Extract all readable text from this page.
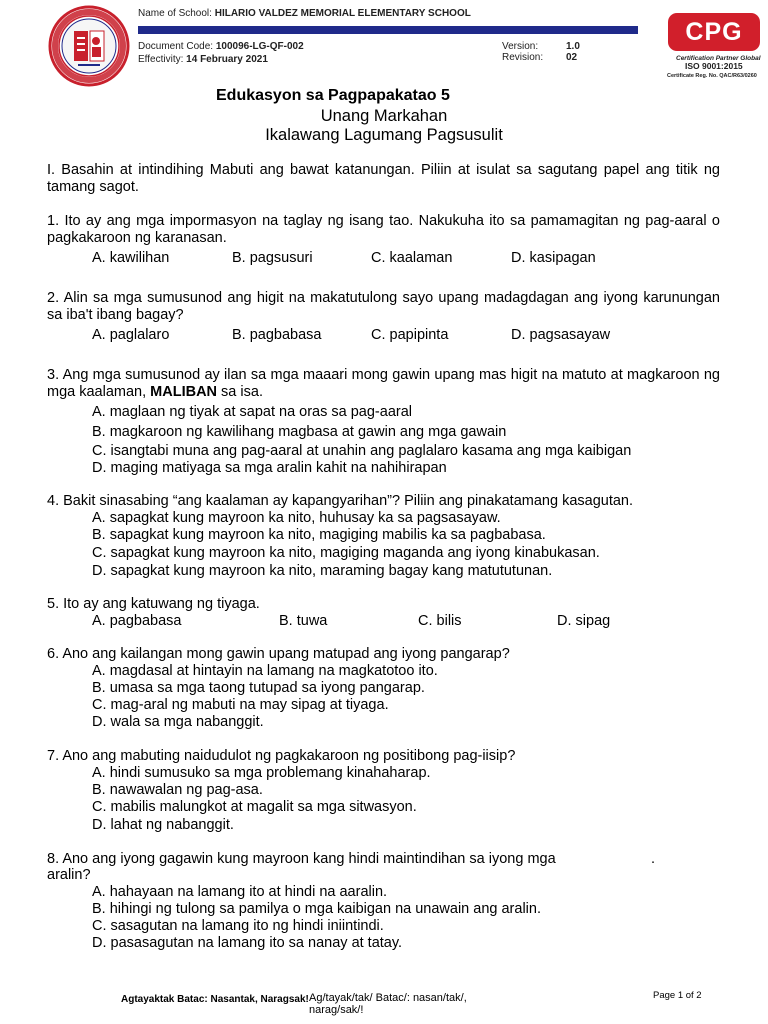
Name of School: HILARIO VALDEZ MEMORIAL ELEMENTARY SCHOOL
Document Code: 100096-LG-QF-002
Effectivity: 14 February 2021
Version:	1.0
Revision: 02
CPG
Certification Partner Global
ISO 9001:2015
Certificate Reg. No. QAC/R63/0260
Edukasyon sa Pagpapakatao 5
Unang Markahan
Ikalawang Lagumang Pagsusulit
I. Basahin at intindihing Mabuti ang bawat katanungan. Piliin at isulat sa sagutang papel ang titik ng tamang sagot.
1. Ito ay ang mga impormasyon na taglay ng isang tao. Nakukuha ito sa pamamagitan ng pag-aaral o pagkakaroon ng karanasan.
A. kawilihan	B. pagsusuri	C. kaalaman	D. kasipagan
2. Alin sa mga sumusunod ang higit na makatutulong sayo upang madagdagan ang iyong karunungan sa iba't ibang bagay?
A. paglalaro	B. pagbabasa	C. papipinta	D. pagsasayaw
3. Ang mga sumusunod ay ilan sa mga maaari mong gawin upang mas higit na matuto at magkaroon ng mga kaalaman, MALIBAN sa isa.
A. maglaan ng tiyak at sapat na oras sa pag-aaral
B. magkaroon ng kawilihang magbasa at gawin ang mga gawain
C. isangtabi muna ang pag-aaral at unahin ang paglalaro kasama ang mga kaibigan
D. maging matiyaga sa mga aralin kahit na nahihirapan
4. Bakit sinasabing “ang kaalaman ay kapangyarihan”? Piliin ang pinakatamang kasagutan.
A. sapagkat kung mayroon ka nito, huhusay ka sa pagsasayaw.
B. sapagkat kung mayroon ka nito, magiging mabilis ka sa pagbabasa.
C. sapagkat kung mayroon ka nito, magiging maganda ang iyong kinabukasan.
D. sapagkat kung mayroon ka nito, maraming bagay kang matututunan.
5. Ito ay ang katuwang ng tiyaga.
A. pagbabasa	B. tuwa	C. bilis	D. sipag
6. Ano ang kailangan mong gawin upang matupad ang iyong pangarap?
A. magdasal at hintayin na lamang na magkatotoo ito.
B. umasa sa mga taong tutupad sa iyong pangarap.
C. mag-aral ng mabuti na may sipag at tiyaga.
D. wala sa mga nabanggit.
7. Ano ang mabuting naidudulot ng pagkakaroon ng positibong pag-iisip?
A. hindi sumusuko sa mga problemang kinahaharap.
B. nawawalan ng pag-asa.
C. mabilis malungkot at magalit sa mga sitwasyon.
D. lahat ng nabanggit.
8. Ano ang iyong gagawin kung mayroon kang hindi maintindihan sa iyong mga	.
aralin?
A. hahayaan na lamang ito at hindi na aaralin.
B. hihingi ng tulong sa pamilya o mga kaibigan na unawain ang aralin.
C. sasagutan na lamang ito ng hindi iniintindi.
D. pasasagutan na lamang ito sa nanay at tatay.
Agtayaktak Batac: Nasantak, Naragsak! Ag/tayak/tak/ Batac/: nasan/tak/, narag/sak/!
Page 1 of 2
